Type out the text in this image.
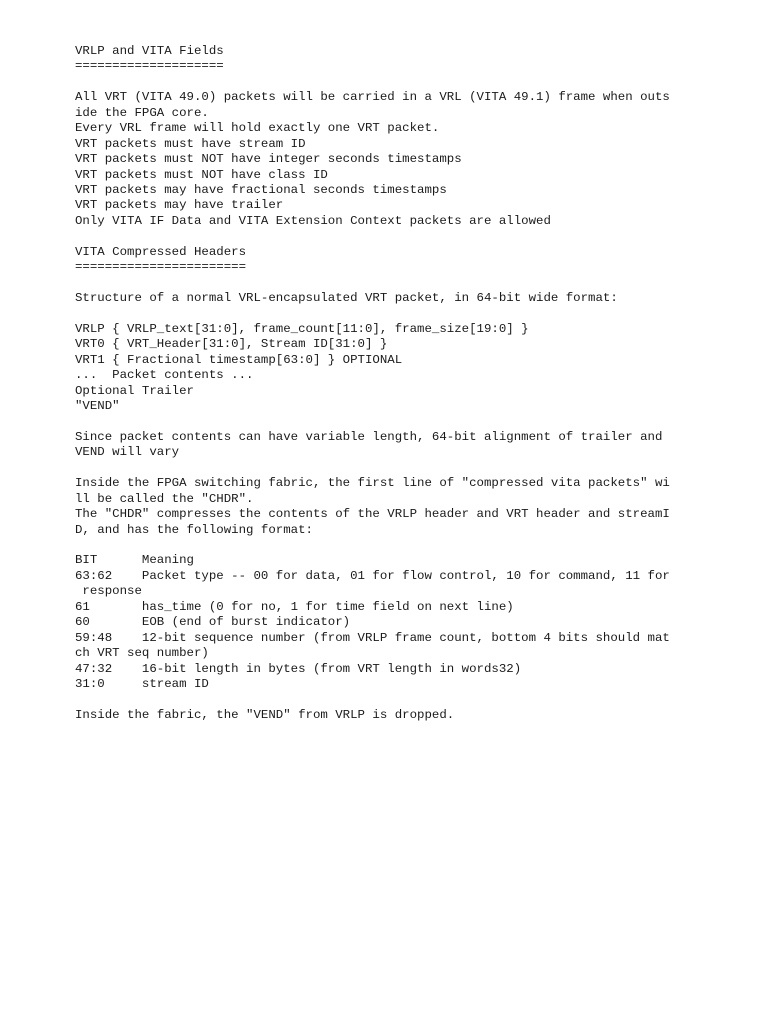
VRLP and VITA Fields
====================
All VRT (VITA 49.0) packets will be carried in a VRL (VITA 49.1) frame when outs
ide the FPGA core.
Every VRL frame will hold exactly one VRT packet.
VRT packets must have stream ID
VRT packets must NOT have integer seconds timestamps
VRT packets must NOT have class ID
VRT packets may have fractional seconds timestamps
VRT packets may have trailer
Only VITA IF Data and VITA Extension Context packets are allowed
VITA Compressed Headers
=======================
Structure of a normal VRL-encapsulated VRT packet, in 64-bit wide format:
VRLP { VRLP_text[31:0], frame_count[11:0], frame_size[19:0] }
VRT0 { VRT_Header[31:0], Stream ID[31:0] }
VRT1 { Fractional timestamp[63:0] } OPTIONAL
...  Packet contents ...
Optional Trailer
"VEND"
Since packet contents can have variable length, 64-bit alignment of trailer and
VEND will vary
Inside the FPGA switching fabric, the first line of "compressed vita packets" wi
ll be called the "CHDR".
The "CHDR" compresses the contents of the VRLP header and VRT header and streamI
D, and has the following format:
BIT      Meaning
63:62    Packet type -- 00 for data, 01 for flow control, 10 for command, 11 for
response
61       has_time (0 for no, 1 for time field on next line)
60       EOB (end of burst indicator)
59:48    12-bit sequence number (from VRLP frame count, bottom 4 bits should mat
ch VRT seq number)
47:32    16-bit length in bytes (from VRT length in words32)
31:0     stream ID
Inside the fabric, the "VEND" from VRLP is dropped.
